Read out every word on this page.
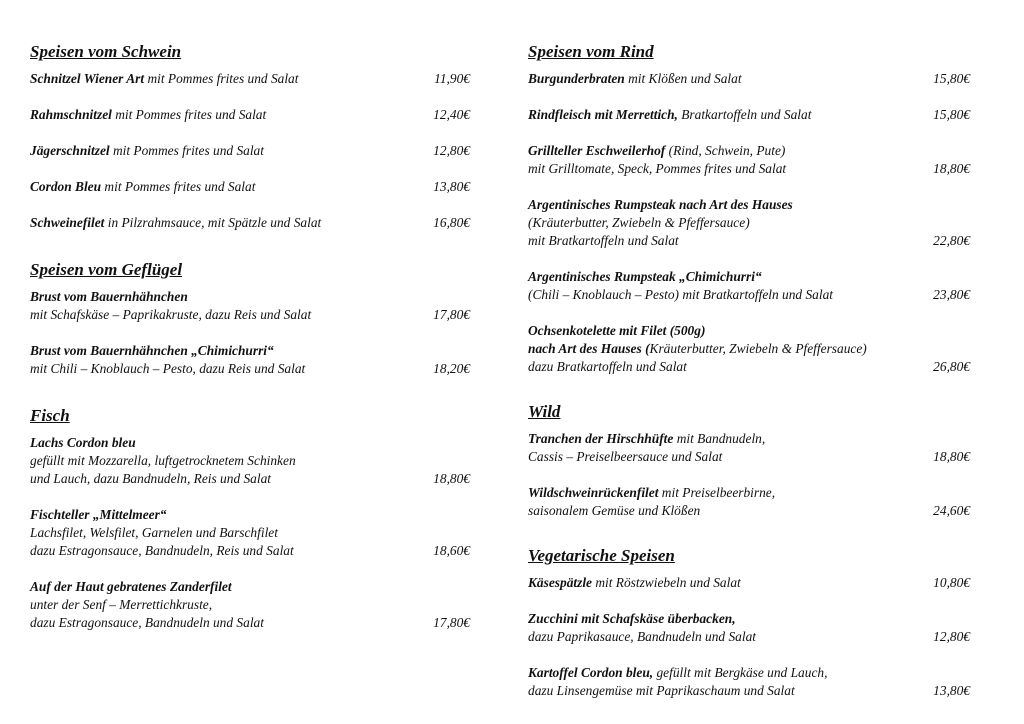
Speisen vom Schwein
Schnitzel Wiener Art mit Pommes frites und Salat	11,90€
Rahmschnitzel mit Pommes frites und Salat	12,40€
Jägerschnitzel mit Pommes frites und Salat	12,80€
Cordon Bleu mit Pommes frites und Salat	13,80€
Schweinefilet in Pilzrahmsauce, mit Spätzle und Salat	16,80€
Speisen vom Geflügel
Brust vom Bauernhähnchen
mit Schafskäse – Paprikakruste, dazu Reis und Salat	17,80€
Brust vom Bauernhähnchen „Chimichurri“
mit Chili – Knoblauch – Pesto, dazu Reis und Salat	18,20€
Fisch
Lachs Cordon bleu
gefüllt mit Mozzarella, luftgetrocknetem Schinken
und Lauch, dazu Bandnudeln, Reis und Salat	18,80€
Fischteller „Mittelmeer“
Lachsfilet, Welsfilet, Garnelen und Barschfilet
dazu Estragonsauce, Bandnudeln, Reis und Salat	18,60€
Auf der Haut gebratenes Zanderfilet
unter der Senf – Merrettichkruste,
dazu Estragonsauce, Bandnudeln und Salat	17,80€
Speisen vom Rind
Burgunderbraten mit Klößen und Salat	15,80€
Rindfleisch mit Merrettich, Bratkartoffeln und Salat	15,80€
Grillteller Eschweilerhof (Rind, Schwein, Pute)
mit Grilltomate, Speck, Pommes frites und Salat	18,80€
Argentinisches Rumpsteak nach Art des Hauses
(Kräuterbutter, Zwiebeln & Pfeffersauce)
mit Bratkartoffeln und Salat	22,80€
Argentinisches Rumpsteak „Chimichurri“
(Chili – Knoblauch – Pesto) mit Bratkartoffeln und Salat	23,80€
Ochsenkotelette mit Filet (500g)
nach Art des Hauses (Kräuterbutter, Zwiebeln & Pfeffersauce)
dazu Bratkartoffeln und Salat	26,80€
Wild
Tranchen der Hirschhüfte mit Bandnudeln,
Cassis – Preiselbeersauce und Salat	18,80€
Wildschweinrückenfilet mit Preiselbeerbirne,
saisonalem Gemüse und Klößen	24,60€
Vegetarische Speisen
Käsespätzle mit Röstzwiebeln und Salat	10,80€
Zucchini mit Schafskäse überbacken,
dazu Paprikasauce, Bandnudeln und Salat	12,80€
Kartoffel Cordon bleu, gefüllt mit Bergkäse und Lauch,
dazu Linsengemüse mit Paprikaschaum und Salat	13,80€
